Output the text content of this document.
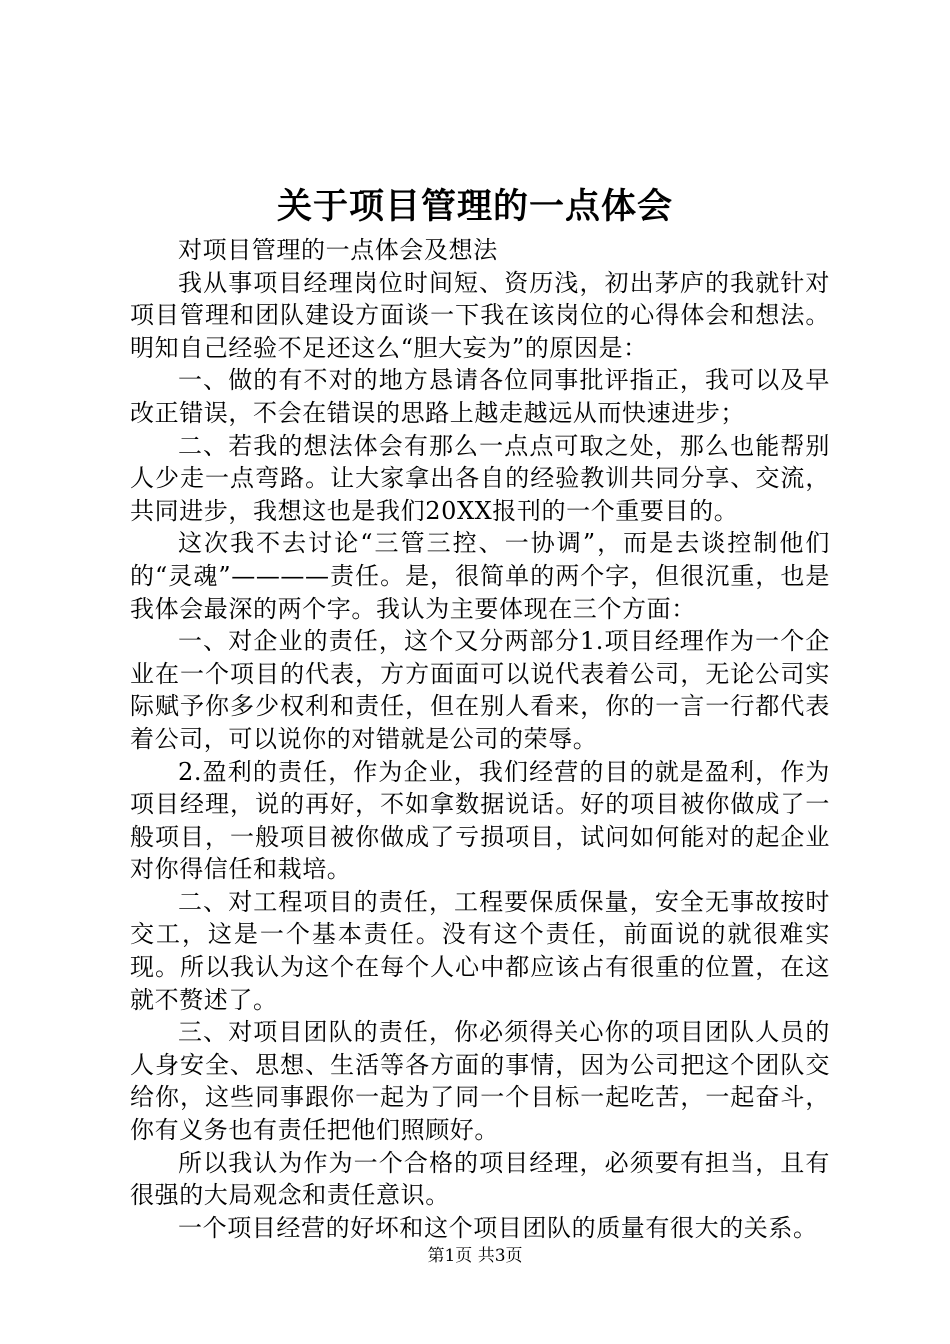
关于项目管理的一点体会

对项目管理的一点体会及想法

我从事项目经理岗位时间短、资历浅，初出茅庐的我就针对项目管理和团队建设方面谈一下我在该岗位的心得体会和想法。明知自己经验不足还这么“胆大妄为”的原因是：

一、做的有不对的地方恳请各位同事批评指正，我可以及早改正错误，不会在错误的思路上越走越远从而快速进步；

二、若我的想法体会有那么一点点可取之处，那么也能帮别人少走一点弯路。让大家拿出各自的经验教训共同分享、交流，共同进步，我想这也是我们20XX报刊的一个重要目的。

这次我不去讨论“三管三控、一协调”，而是去谈控制他们的“灵魂”————责任。是，很简单的两个字，但很沉重，也是我体会最深的两个字。我认为主要体现在三个方面：

一、对企业的责任，这个又分两部分1.项目经理作为一个企业在一个项目的代表，方方面面可以说代表着公司，无论公司实际赋予你多少权利和责任，但在别人看来，你的一言一行都代表着公司，可以说你的对错就是公司的荣辱。

2.盈利的责任，作为企业，我们经营的目的就是盈利，作为项目经理，说的再好，不如拿数据说话。好的项目被你做成了一般项目，一般项目被你做成了亏损项目，试问如何能对的起企业对你得信任和栽培。

二、对工程项目的责任，工程要保质保量，安全无事故按时交工，这是一个基本责任。没有这个责任，前面说的就很难实现。所以我认为这个在每个人心中都应该占有很重的位置，在这就不赘述了。

三、对项目团队的责任，你必须得关心你的项目团队人员的人身安全、思想、生活等各方面的事情，因为公司把这个团队交给你，这些同事跟你一起为了同一个目标一起吃苦，一起奋斗，你有义务也有责任把他们照顾好。

所以我认为作为一个合格的项目经理，必须要有担当，且有很强的大局观念和责任意识。

一个项目经营的好坏和这个项目团队的质量有很大的关系。

第1页 共3页
